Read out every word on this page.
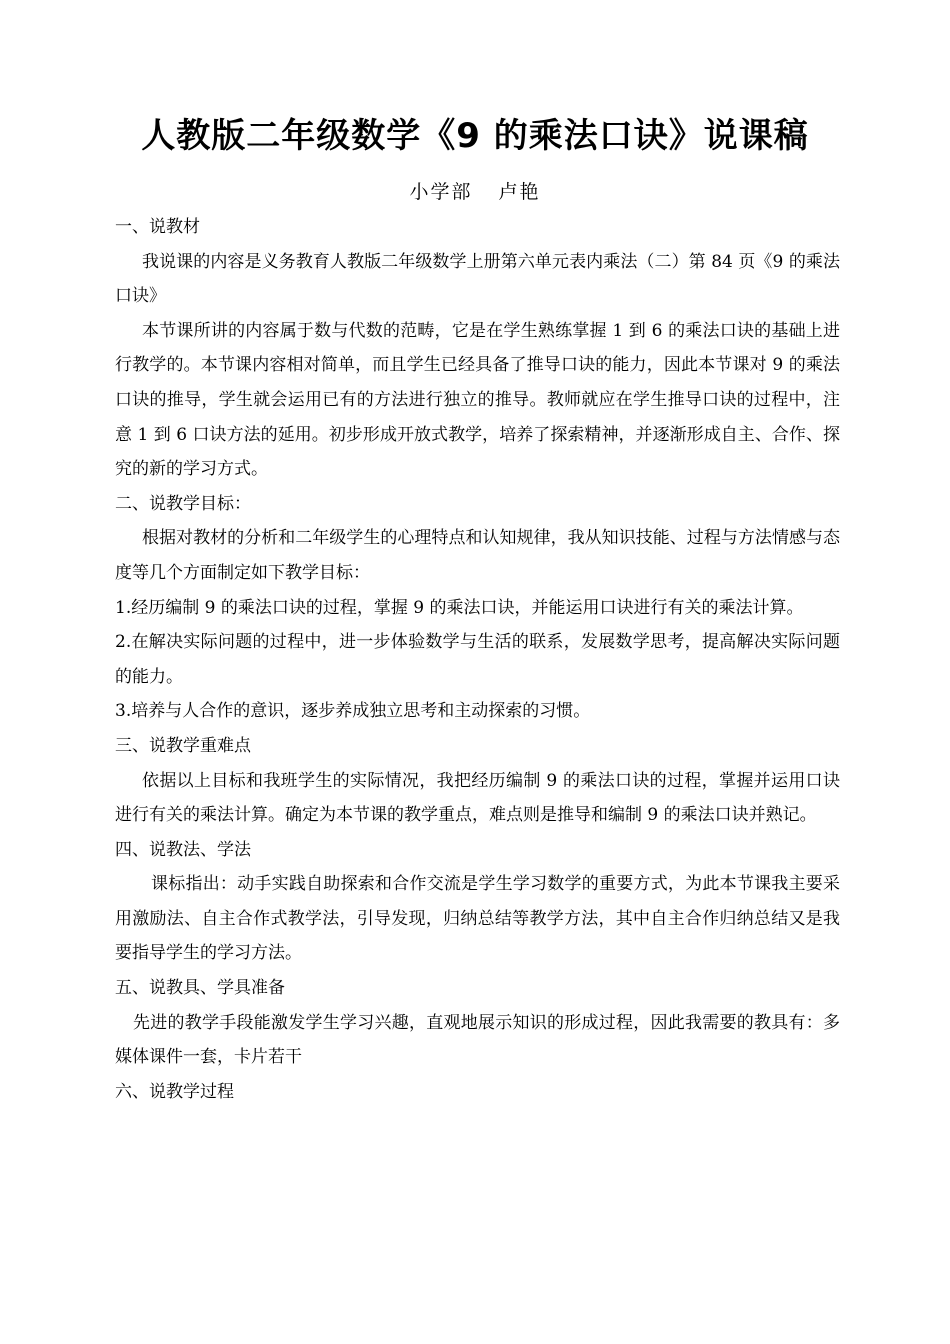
人教版二年级数学《9 的乘法口诀》说课稿
小学部 卢艳

一、说教材

我说课的内容是义务教育人教版二年级数学上册第六单元表内乘法（二）第 84 页《9 的乘法口诀》

本节课所讲的内容属于数与代数的范畴，它是在学生熟练掌握 1 到 6 的乘法口诀的基础上进行教学的。本节课内容相对简单，而且学生已经具备了推导口诀的能力，因此本节课对 9 的乘法口诀的推导，学生就会运用已有的方法进行独立的推导。教师就应在学生推导口诀的过程中，注意 1 到 6 口诀方法的延用。初步形成开放式教学，培养了探索精神，并逐渐形成自主、合作、探究的新的学习方式。

二、说教学目标：

根据对教材的分析和二年级学生的心理特点和认知规律，我从知识技能、过程与方法情感与态度等几个方面制定如下教学目标：

1.经历编制 9 的乘法口诀的过程，掌握 9 的乘法口诀，并能运用口诀进行有关的乘法计算。

2.在解决实际问题的过程中，进一步体验数学与生活的联系，发展数学思考，提高解决实际问题的能力。

3.培养与人合作的意识，逐步养成独立思考和主动探索的习惯。

三、说教学重难点

依据以上目标和我班学生的实际情况，我把经历编制 9 的乘法口诀的过程，掌握并运用口诀进行有关的乘法计算。确定为本节课的教学重点，难点则是推导和编制 9 的乘法口诀并熟记。

四、说教法、学法

课标指出：动手实践自助探索和合作交流是学生学习数学的重要方式，为此本节课我主要采用激励法、自主合作式教学法，引导发现，归纳总结等教学方法，其中自主合作归纳总结又是我要指导学生的学习方法。

五、说教具、学具准备

先进的教学手段能激发学生学习兴趣，直观地展示知识的形成过程，因此我需要的教具有：多媒体课件一套，卡片若干

六、说教学过程
